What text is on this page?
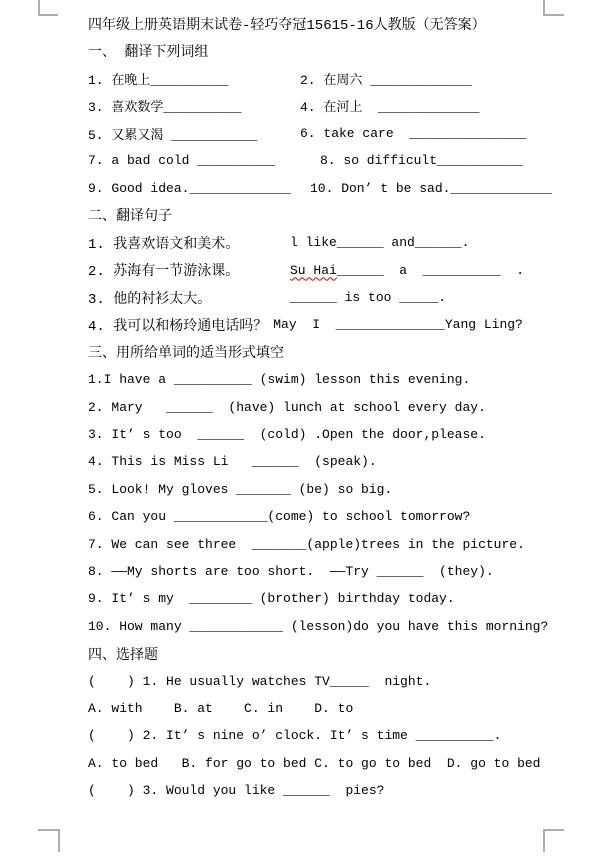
四年级上册英语期末试卷-轻巧夺冠15615-16人教版（无答案）
一、 翻译下列词组
1. 在晚上__________	2. 在周六 _____________
3. 喜欢数学__________	4. 在河上  _____________
5. 又累又渴 ___________	6. take care  _______________
7. a bad cold __________	8. so difficult___________
9. Good idea._____________	10. Don’ t be sad._____________
二、翻译句子
1. 我喜欢语文和美术。	l like______ and______.
2. 苏海有一节游泳课。	Su Hai______  a  __________  .
3. 他的衬衫太大。	______ is too _____.
4. 我可以和杨玲通电话吗？ May  I  ______________Yang Ling?
三、用所给单词的适当形式填空
1.I have a __________ (swim) lesson this evening.
2. Mary   ______  (have) lunch at school every day.
3. It’ s too  ______  (cold) .Open the door,please.
4. This is Miss Li   ______  (speak).
5. Look! My gloves _______ (be) so big.
6. Can you ____________(come) to school tomorrow?
7. We can see three  _______(apple)trees in the picture.
8. ——My shorts are too short.  ——Try ______  (they).
9. It’ s my  ________ (brother) birthday today.
10. How many ____________ (lesson)do you have this morning?
四、选择题
(    ) 1. He usually watches TV_____  night.
A. with    B. at    C. in    D. to
(    ) 2. It’ s nine o’ clock. It’ s time __________.
A. to bed   B. for go to bed C. to go to bed  D. go to bed
(    ) 3. Would you like ______  pies?
